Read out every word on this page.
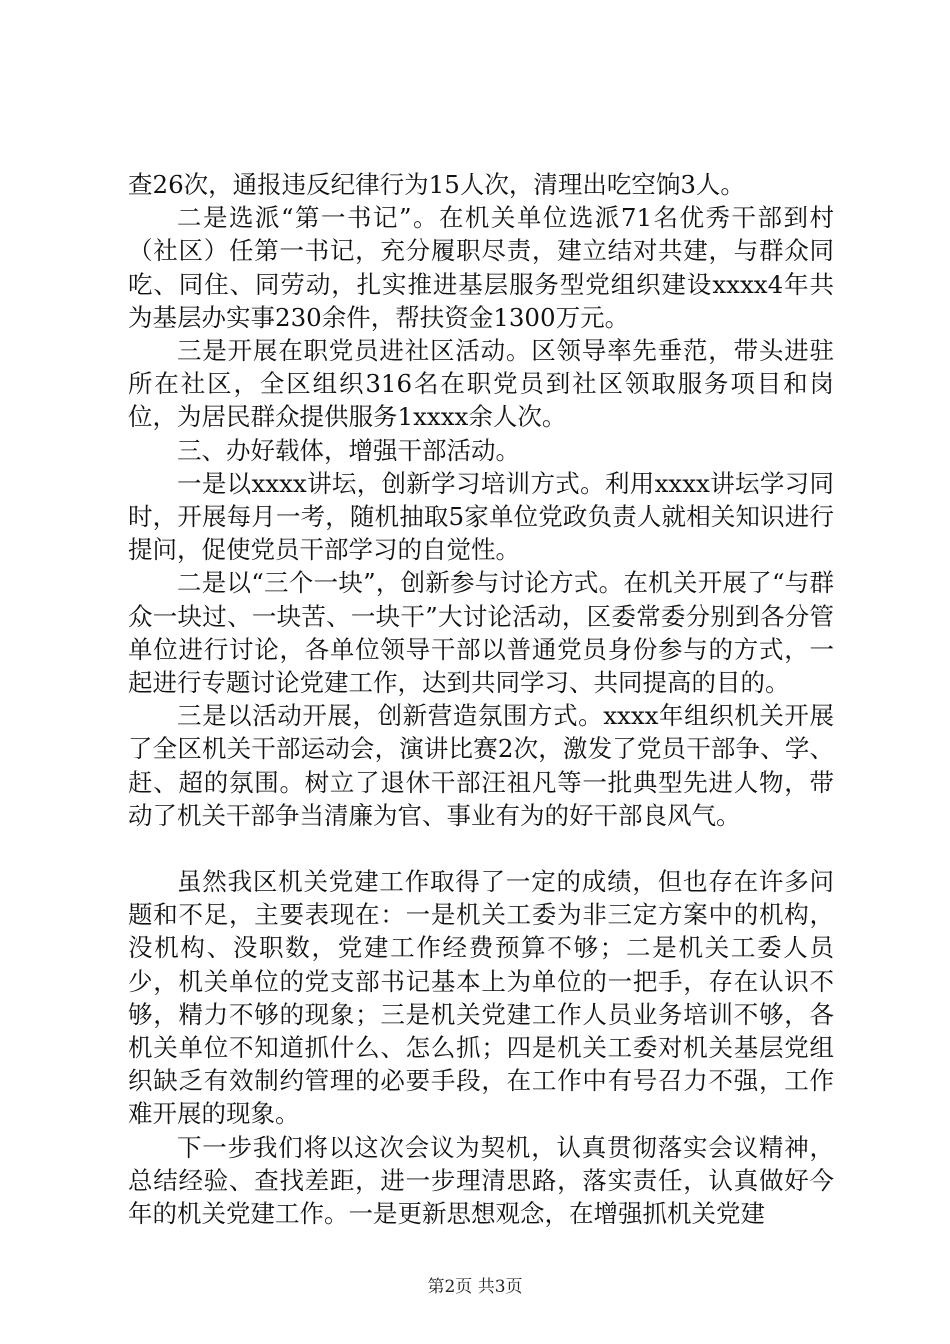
查26次，通报违反纪律行为15人次，清理出吃空饷3人。

二是选派“第一书记”。在机关单位选派71名优秀干部到村（社区）任第一书记，充分履职尽责，建立结对共建，与群众同吃、同住、同劳动，扎实推进基层服务型党组织建设xxxx4年共为基层办实事230余件，帮扶资金1300万元。

三是开展在职党员进社区活动。区领导率先垂范，带头进驻所在社区，全区组织316名在职党员到社区领取服务项目和岗位，为居民群众提供服务1xxxx余人次。

三、办好载体，增强干部活动。

一是以xxxx讲坛，创新学习培训方式。利用xxxx讲坛学习同时，开展每月一考，随机抽取5家单位党政负责人就相关知识进行提问，促使党员干部学习的自觉性。

二是以“三个一块”，创新参与讨论方式。在机关开展了“与群众一块过、一块苦、一块干”大讨论活动，区委常委分别到各分管单位进行讨论，各单位领导干部以普通党员身份参与的方式，一起进行专题讨论党建工作，达到共同学习、共同提高的目的。

三是以活动开展，创新营造氛围方式。xxxx年组织机关开展了全区机关干部运动会，演讲比赛2次，激发了党员干部争、学、赶、超的氛围。树立了退休干部汪祖凡等一批典型先进人物，带动了机关干部争当清廉为官、事业有为的好干部良风气。

虽然我区机关党建工作取得了一定的成绩，但也存在许多问题和不足，主要表现在：一是机关工委为非三定方案中的机构，没机构、没职数，党建工作经费预算不够；二是机关工委人员少，机关单位的党支部书记基本上为单位的一把手，存在认识不够，精力不够的现象；三是机关党建工作人员业务培训不够，各机关单位不知道抓什么、怎么抓；四是机关工委对机关基层党组织缺乏有效制约管理的必要手段，在工作中有号召力不强，工作难开展的现象。

下一步我们将以这次会议为契机，认真贯彻落实会议精神，总结经验、查找差距，进一步理清思路，落实责任，认真做好今年的机关党建工作。一是更新思想观念，在增强抓机关党建

第2页 共3页
